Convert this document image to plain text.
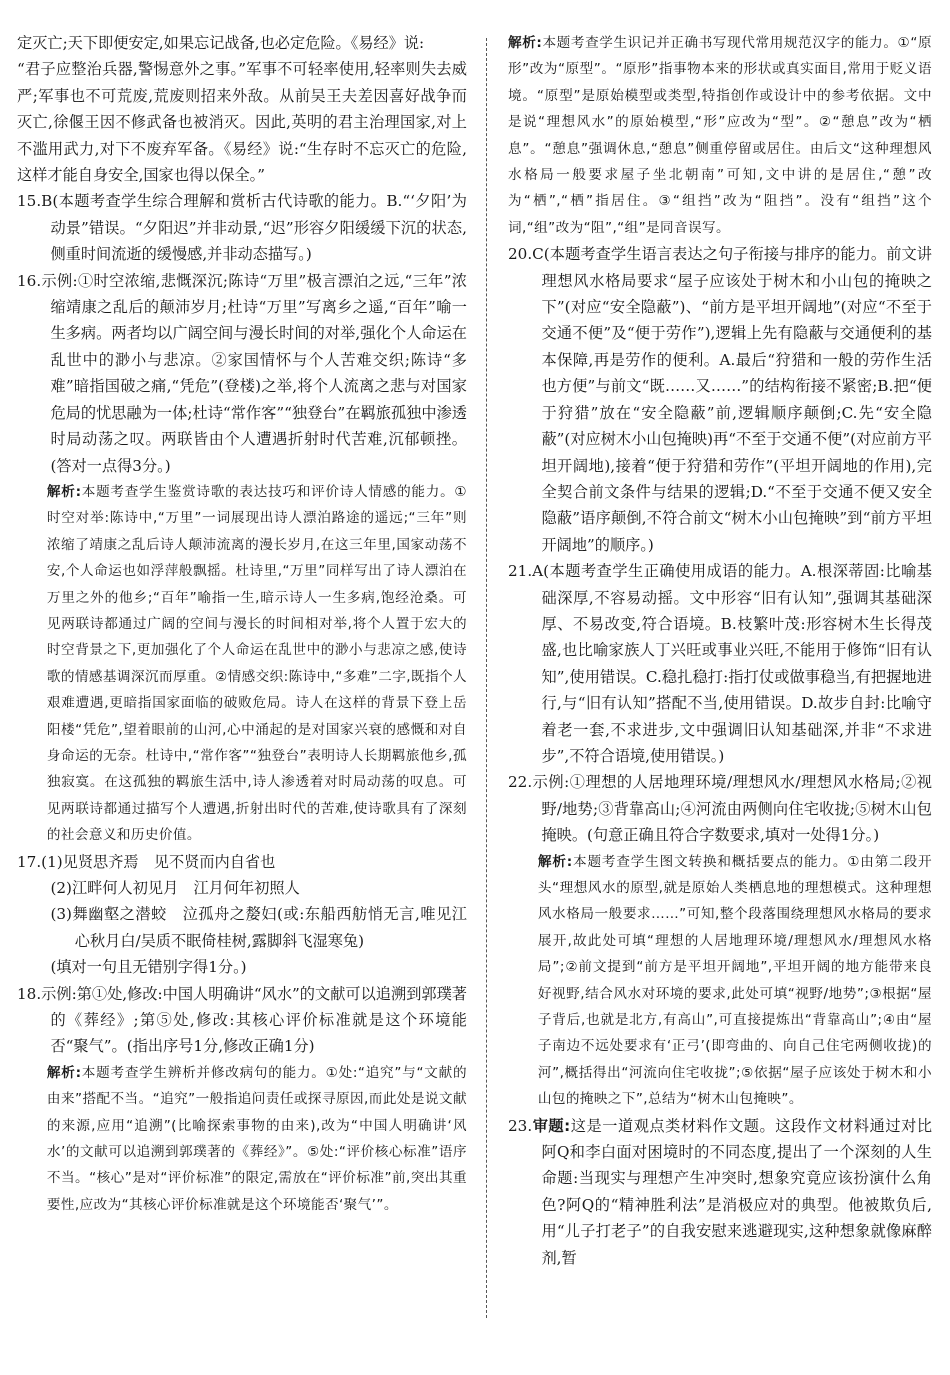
定灭亡;天下即便安定,如果忘记战备,也必定危险。《易经》说:

“君子应整治兵器,警惕意外之事。”军事不可轻率使用,轻率则失去威严;军事也不可荒废,荒废则招来外敌。从前吴王夫差因喜好战争而灭亡,徐偃王因不修武备也被消灭。因此,英明的君主治理国家,对上不滥用武力,对下不废弃军备。《易经》说:“生存时不忘灭亡的危险,这样才能自身安全,国家也得以保全。”

15.B(本题考查学生综合理解和赏析古代诗歌的能力。B.“‘夕阳’为动景”错误。“夕阳迟”并非动景,“迟”形容夕阳缓缓下沉的状态,侧重时间流逝的缓慢感,并非动态描写。)

16.示例:①时空浓缩,悲慨深沉;陈诗“万里”极言漂泊之远,“三年”浓缩靖康之乱后的颠沛岁月;杜诗“万里”写离乡之遥,“百年”喻一生多病。两者均以广阔空间与漫长时间的对举,强化个人命运在乱世中的渺小与悲凉。②家国情怀与个人苦难交织;陈诗“多难”暗指国破之痛,“凭危”(登楼)之举,将个人流离之悲与对国家危局的忧思融为一体;杜诗“常作客”“独登台”在羁旅孤独中渗透时局动荡之叹。两联皆由个人遭遇折射时代苦难,沉郁顿挫。(答对一点得3分。)

解析:本题考查学生鉴赏诗歌的表达技巧和评价诗人情感的能力。①时空对举:陈诗中,“万里”一词展现出诗人漂泊路途的遥远;“三年”则浓缩了靖康之乱后诗人颠沛流离的漫长岁月,在这三年里,国家动荡不安,个人命运也如浮萍般飘摇。杜诗里,“万里”同样写出了诗人漂泊在万里之外的他乡;“百年”喻指一生,暗示诗人一生多病,饱经沧桑。可见两联诗都通过广阔的空间与漫长的时间相对举,将个人置于宏大的时空背景之下,更加强化了个人命运在乱世中的渺小与悲凉之感,使诗歌的情感基调深沉而厚重。②情感交织:陈诗中,“多难”二字,既指个人艰难遭遇,更暗指国家面临的破败危局。诗人在这样的背景下登上岳阳楼“凭危”,望着眼前的山河,心中涌起的是对国家兴衰的感慨和对自身命运的无奈。杜诗中,“常作客”“独登台”表明诗人长期羁旅他乡,孤独寂寞。在这孤独的羁旅生活中,诗人渗透着对时局动荡的叹息。可见两联诗都通过描写个人遭遇,折射出时代的苦难,使诗歌具有了深刻的社会意义和历史价值。

17.(1)见贤思齐焉　见不贤而内自省也

(2)江畔何人初见月　江月何年初照人

(3)舞幽壑之潜蛟　泣孤舟之嫠妇(或:东船西舫悄无言,唯见江心秋月白/吴质不眠倚桂树,露脚斜飞湿寒兔)

(填对一句且无错别字得1分。)

18.示例:第①处,修改:中国人明确讲“风水”的文献可以追溯到郭璞著的《葬经》;第⑤处,修改:其核心评价标准就是这个环境能否“聚气”。(指出序号1分,修改正确1分)

解析:本题考查学生辨析并修改病句的能力。①处:“追究”与“文献的由来”搭配不当。“追究”一般指追问责任或探寻原因,而此处是说文献的来源,应用“追溯”(比喻探索事物的由来),改为“中国人明确讲‘风水’的文献可以追溯到郭璞著的《葬经》”。⑤处:“评价核心标准”语序不当。“核心”是对“评价标准”的限定,需放在“评价标准”前,突出其重要性,应改为“其核心评价标准就是这个环境能否‘聚气’”。

解析:本题考查学生识记并正确书写现代常用规范汉字的能力。①“原形”改为“原型”。“原形”指事物本来的形状或真实面目,常用于贬义语境。“原型”是原始模型或类型,特指创作或设计中的参考依据。文中是说“理想风水”的原始模型,“形”应改为“型”。②“憩息”改为“栖息”。“憩息”强调休息,“憩息”侧重停留或居住。由后文“这种理想风水格局一般要求屋子坐北朝南”可知,文中讲的是居住,“憩”改为“栖”,“栖”指居住。③“组挡”改为“阻挡”。没有“组挡”这个词,“组”改为“阻”,“组”是同音误写。

20.C(本题考查学生语言表达之句子衔接与排序的能力。前文讲理想风水格局要求“屋子应该处于树木和小山包的掩映之下”(对应“安全隐蔽”)、“前方是平坦开阔地”(对应“不至于交通不便”及“便于劳作”),逻辑上先有隐蔽与交通便利的基本保障,再是劳作的便利。A.最后“狩猎和一般的劳作生活也方便”与前文“既……又……”的结构衔接不紧密;B.把“便于狩猎”放在“安全隐蔽”前,逻辑顺序颠倒;C.先“安全隐蔽”(对应树木小山包掩映)再“不至于交通不便”(对应前方平坦开阔地),接着“便于狩猎和劳作”(平坦开阔地的作用),完全契合前文条件与结果的逻辑;D.“不至于交通不便又安全隐蔽”语序颠倒,不符合前文“树木小山包掩映”到“前方平坦开阔地”的顺序。)

21.A(本题考查学生正确使用成语的能力。A.根深蒂固:比喻基础深厚,不容易动摇。文中形容“旧有认知”,强调其基础深厚、不易改变,符合语境。B.枝繁叶茂:形容树木生长得茂盛,也比喻家族人丁兴旺或事业兴旺,不能用于修饰“旧有认知”,使用错误。C.稳扎稳打:指打仗或做事稳当,有把握地进行,与“旧有认知”搭配不当,使用错误。D.故步自封:比喻守着老一套,不求进步,文中强调旧认知基础深,并非“不求进步”,不符合语境,使用错误。)

22.示例:①理想的人居地理环境/理想风水/理想风水格局;②视野/地势;③背靠高山;④河流由两侧向住宅收拢;⑤树木山包掩映。(句意正确且符合字数要求,填对一处得1分。)

解析:本题考查学生图文转换和概括要点的能力。①由第二段开头“理想风水的原型,就是原始人类栖息地的理想模式。这种理想风水格局一般要求……”可知,整个段落围绕理想风水格局的要求展开,故此处可填“理想的人居地理环境/理想风水/理想风水格局”;②前文提到“前方是平坦开阔地”,平坦开阔的地方能带来良好视野,结合风水对环境的要求,此处可填“视野/地势”;③根据“屋子背后,也就是北方,有高山”,可直接提炼出“背靠高山”;④由“屋子南边不远处要求有‘正弓’(即弯曲的、向自己住宅两侧收拢)的河”,概括得出“河流向住宅收拢”;⑤依据“屋子应该处于树木和小山包的掩映之下”,总结为“树木山包掩映”。

23.审题:这是一道观点类材料作文题。这段作文材料通过对比阿Q和李白面对困境时的不同态度,提出了一个深刻的人生命题:当现实与理想产生冲突时,想象究竟应该扮演什么角色?阿Q的“精神胜利法”是消极应对的典型。他被欺负后,用“儿子打老子”的自我安慰来逃避现实,这种想象就像麻醉剂,暂
